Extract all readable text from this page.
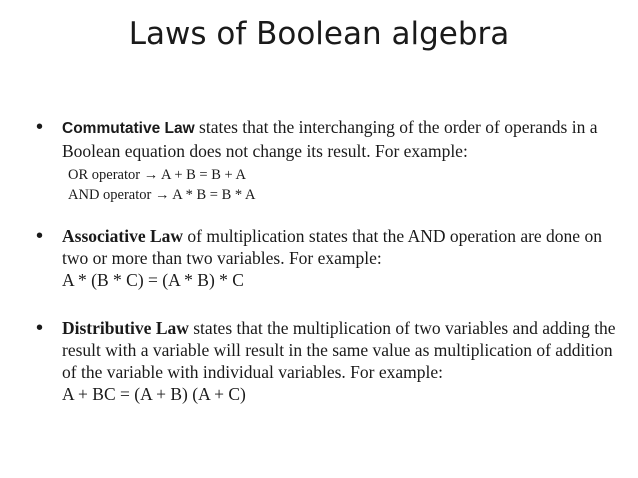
Laws of Boolean algebra
• Commutative Law states that the interchanging of the order of operands in a Boolean equation does not change its result. For example:
OR operator → A + B = B + A
AND operator → A * B = B * A
• Associative Law of multiplication states that the AND operation are done on two or more than two variables. For example:
A * (B * C) = (A * B) * C
• Distributive Law states that the multiplication of two variables and adding the result with a variable will result in the same value as multiplication of addition of the variable with individual variables. For example:
A + BC = (A + B) (A + C)
